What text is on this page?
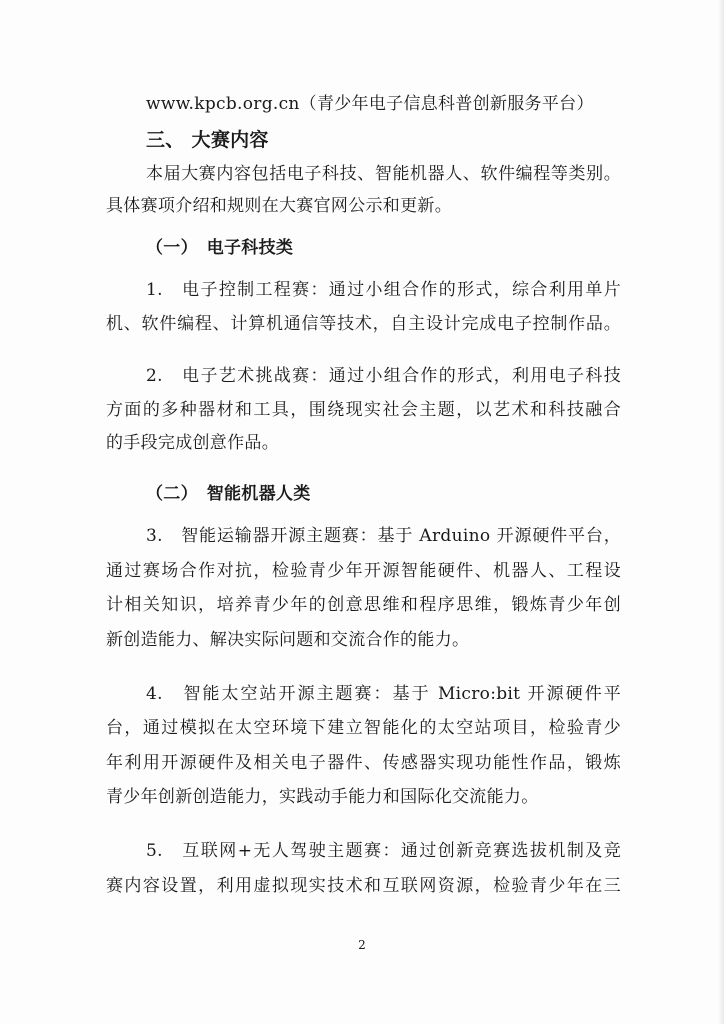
www.kpcb.org.cn（青少年电子信息科普创新服务平台）
三、 大赛内容
本届大赛内容包括电子科技、智能机器人、软件编程等类别。
具体赛项介绍和规则在大赛官网公示和更新。
（一）　电子科技类
1.　电子控制工程赛：通过小组合作的形式，综合利用单片
机、软件编程、计算机通信等技术，自主设计完成电子控制作品。
2.　电子艺术挑战赛：通过小组合作的形式，利用电子科技
方面的多种器材和工具，围绕现实社会主题，以艺术和科技融合
的手段完成创意作品。
（二）　智能机器人类
3.　智能运输器开源主题赛：基于 Arduino 开源硬件平台，
通过赛场合作对抗，检验青少年开源智能硬件、机器人、工程设
计相关知识，培养青少年的创意思维和程序思维，锻炼青少年创
新创造能力、解决实际问题和交流合作的能力。
4.　智能太空站开源主题赛：基于 Micro:bit 开源硬件平
台，通过模拟在太空环境下建立智能化的太空站项目，检验青少
年利用开源硬件及相关电子器件、传感器实现功能性作品，锻炼
青少年创新创造能力，实践动手能力和国际化交流能力。
5.　互联网+无人驾驶主题赛：通过创新竞赛选拔机制及竞
赛内容设置，利用虚拟现实技术和互联网资源，检验青少年在三
2
